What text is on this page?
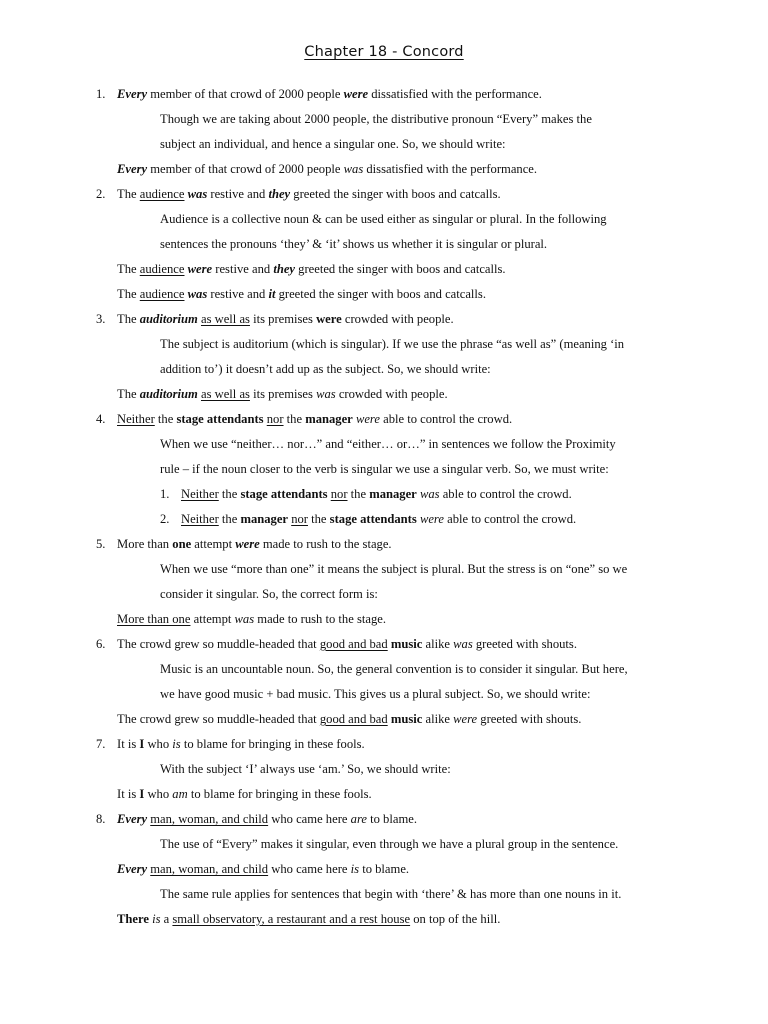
Chapter 18 - Concord
1. Every member of that crowd of 2000 people were dissatisfied with the performance.
Though we are taking about 2000 people, the distributive pronoun “Every” makes the
subject an individual, and hence a singular one. So, we should write:
Every member of that crowd of 2000 people was dissatisfied with the performance.
2. The audience was restive and they greeted the singer with boos and catcalls.
Audience is a collective noun & can be used either as singular or plural. In the following
sentences the pronouns ‘they’ & ‘it’ shows us whether it is singular or plural.
The audience were restive and they greeted the singer with boos and catcalls.
The audience was restive and it greeted the singer with boos and catcalls.
3. The auditorium as well as its premises were crowded with people.
The subject is auditorium (which is singular). If we use the phrase “as well as” (meaning ‘in
addition to’) it doesn’t add up as the subject. So, we should write:
The auditorium as well as its premises was crowded with people.
4. Neither the stage attendants nor the manager were able to control the crowd.
When we use “neither… nor…” and “either… or…” in sentences we follow the Proximity
rule – if the noun closer to the verb is singular we use a singular verb. So, we must write:
1. Neither the stage attendants nor the manager was able to control the crowd.
2. Neither the manager nor the stage attendants were able to control the crowd.
5. More than one attempt were made to rush to the stage.
When we use “more than one” it means the subject is plural. But the stress is on “one” so we
consider it singular. So, the correct form is:
More than one attempt was made to rush to the stage.
6. The crowd grew so muddle-headed that good and bad music alike was greeted with shouts.
Music is an uncountable noun. So, the general convention is to consider it singular. But here,
we have good music + bad music. This gives us a plural subject. So, we should write:
The crowd grew so muddle-headed that good and bad music alike were greeted with shouts.
7. It is I who is to blame for bringing in these fools.
With the subject ‘I’ always use ‘am.’ So, we should write:
It is I who am to blame for bringing in these fools.
8. Every man, woman, and child who came here are to blame.
The use of “Every” makes it singular, even through we have a plural group in the sentence.
Every man, woman, and child who came here is to blame.
The same rule applies for sentences that begin with ‘there’ & has more than one nouns in it.
There is a small observatory, a restaurant and a rest house on top of the hill.
